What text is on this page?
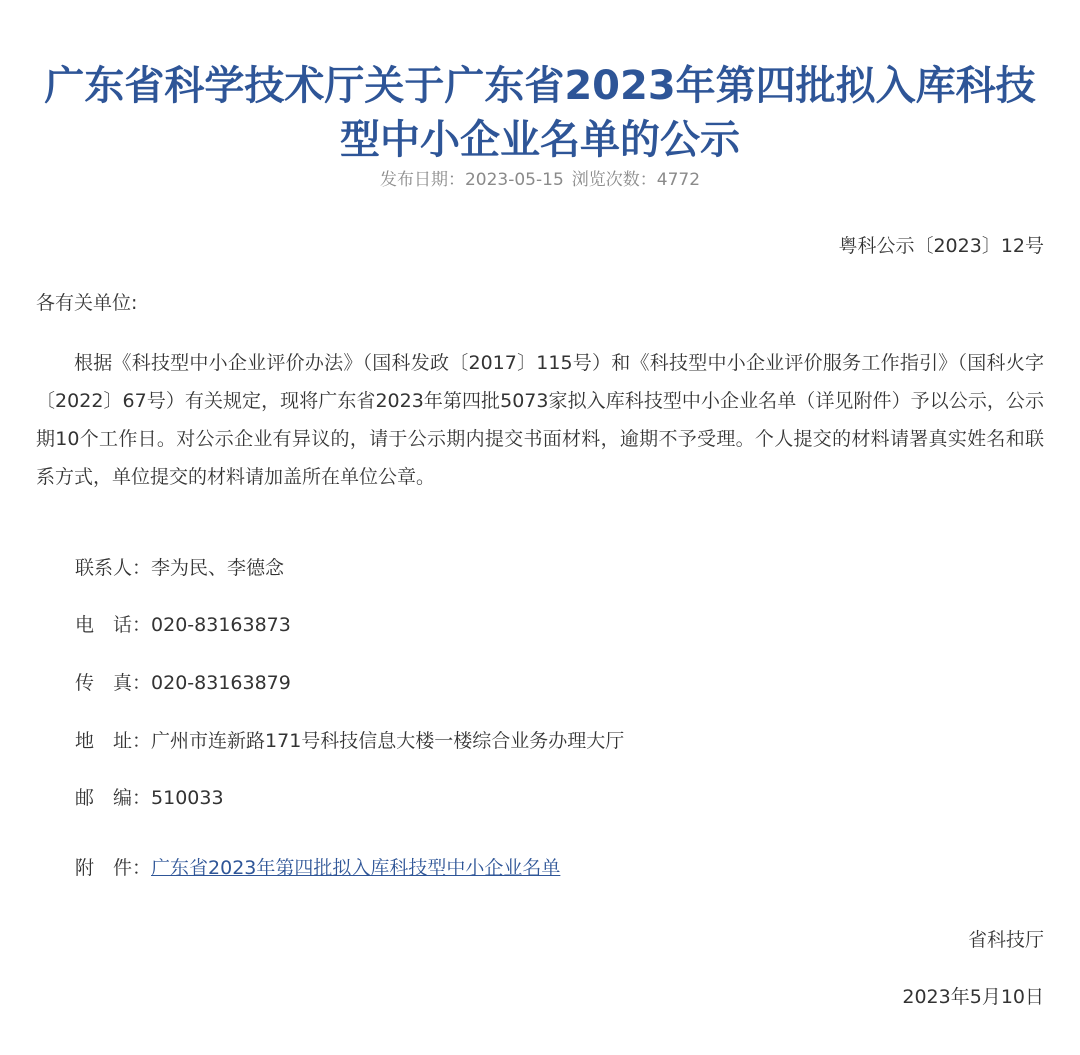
广东省科学技术厅关于广东省2023年第四批拟入库科技型中小企业名单的公示
发布日期：2023-05-15 浏览次数：4772
粤科公示〔2023〕12号
各有关单位:

根据《科技型中小企业评价办法》（国科发政〔2017〕115号）和《科技型中小企业评价服务工作指引》（国科火字〔2022〕67号）有关规定，现将广东省2023年第四批5073家拟入库科技型中小企业名单（详见附件）予以公示，公示期10个工作日。对公示企业有异议的，请于公示期内提交书面材料，逾期不予受理。个人提交的材料请署真实姓名和联系方式，单位提交的材料请加盖所在单位公章。

联系人：李为民、李德念
电　话：020-83163873
传　真：020-83163879
地　址：广州市连新路171号科技信息大楼一楼综合业务办理大厅
邮　编：510033
附　件：广东省2023年第四批拟入库科技型中小企业名单
省科技厅
2023年5月10日
